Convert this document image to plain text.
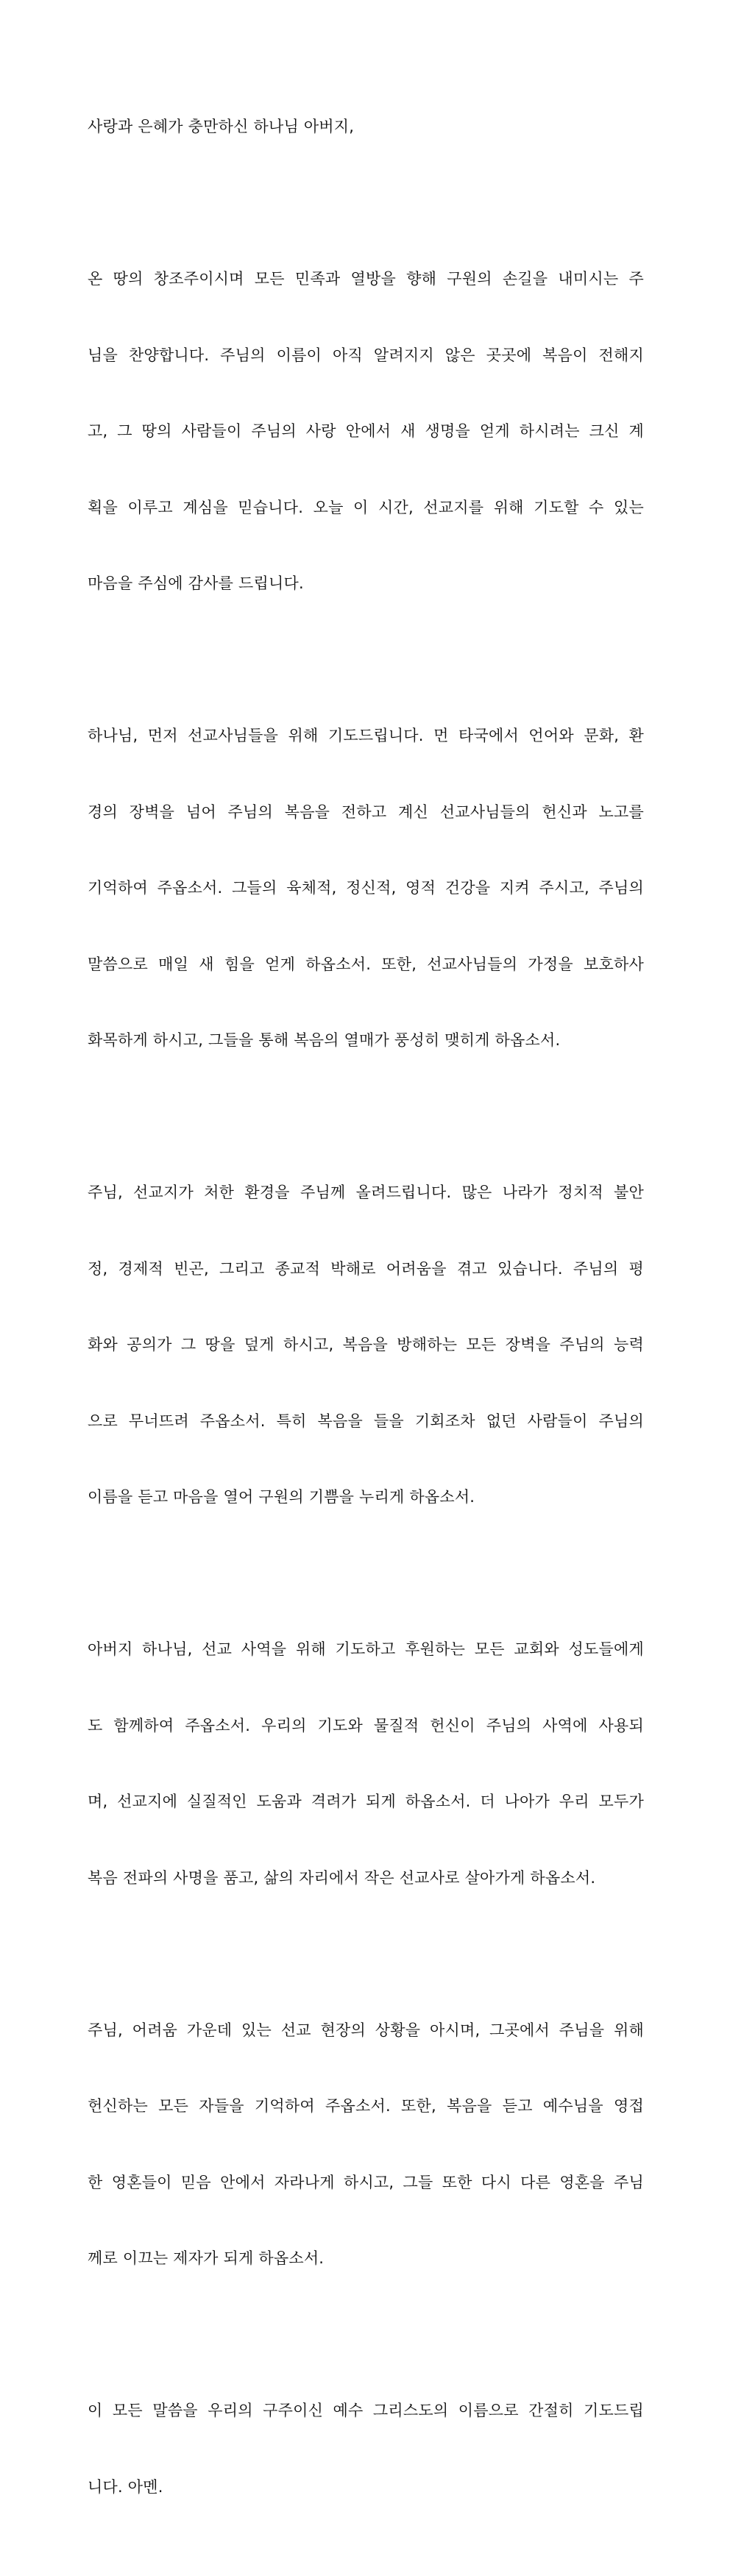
사랑과 은혜가 충만하신 하나님 아버지,

온 땅의 창조주이시며 모든 민족과 열방을 향해 구원의 손길을 내미시는 주

님을 찬양합니다. 주님의 이름이 아직 알려지지 않은 곳곳에 복음이 전해지

고, 그 땅의 사람들이 주님의 사랑 안에서 새 생명을 얻게 하시려는 크신 계

획을 이루고 계심을 믿습니다. 오늘 이 시간, 선교지를 위해 기도할 수 있는

마음을 주심에 감사를 드립니다.

하나님, 먼저 선교사님들을 위해 기도드립니다. 먼 타국에서 언어와 문화, 환

경의 장벽을 넘어 주님의 복음을 전하고 계신 선교사님들의 헌신과 노고를

기억하여 주옵소서. 그들의 육체적, 정신적, 영적 건강을 지켜 주시고, 주님의

말씀으로 매일 새 힘을 얻게 하옵소서. 또한, 선교사님들의 가정을 보호하사

화목하게 하시고, 그들을 통해 복음의 열매가 풍성히 맺히게 하옵소서.

주님, 선교지가 처한 환경을 주님께 올려드립니다. 많은 나라가 정치적 불안

정, 경제적 빈곤, 그리고 종교적 박해로 어려움을 겪고 있습니다. 주님의 평

화와 공의가 그 땅을 덮게 하시고, 복음을 방해하는 모든 장벽을 주님의 능력

으로 무너뜨려 주옵소서. 특히 복음을 들을 기회조차 없던 사람들이 주님의

이름을 듣고 마음을 열어 구원의 기쁨을 누리게 하옵소서.

아버지 하나님, 선교 사역을 위해 기도하고 후원하는 모든 교회와 성도들에게

도 함께하여 주옵소서. 우리의 기도와 물질적 헌신이 주님의 사역에 사용되

며, 선교지에 실질적인 도움과 격려가 되게 하옵소서. 더 나아가 우리 모두가

복음 전파의 사명을 품고, 삶의 자리에서 작은 선교사로 살아가게 하옵소서.

주님, 어려움 가운데 있는 선교 현장의 상황을 아시며, 그곳에서 주님을 위해

헌신하는 모든 자들을 기억하여 주옵소서. 또한, 복음을 듣고 예수님을 영접

한 영혼들이 믿음 안에서 자라나게 하시고, 그들 또한 다시 다른 영혼을 주님

께로 이끄는 제자가 되게 하옵소서.

이 모든 말씀을 우리의 구주이신 예수 그리스도의 이름으로 간절히 기도드립

니다. 아멘.
